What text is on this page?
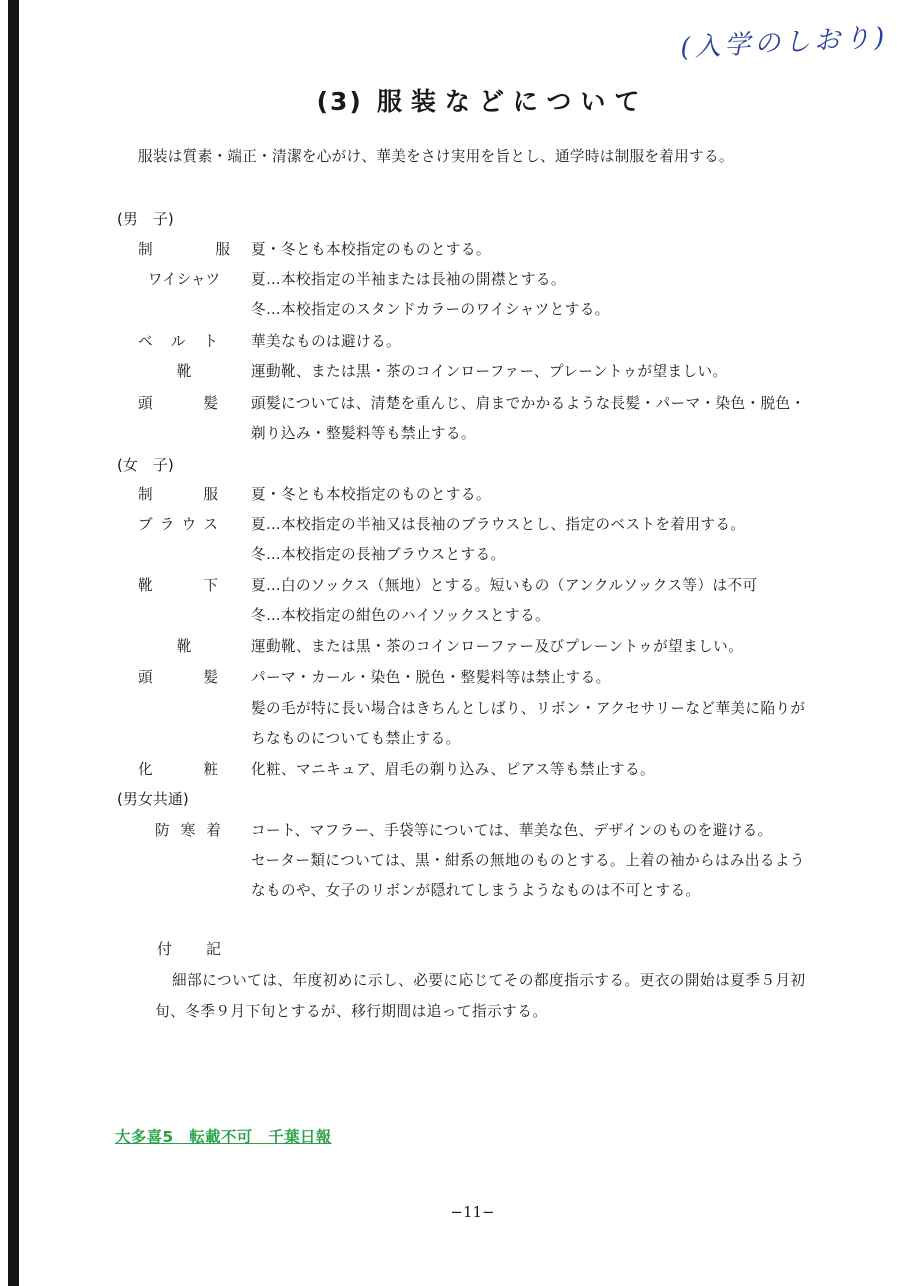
(入学のしおり)
(3) 服装などについて
服装は質素・端正・清潔を心がけ、華美をさけ実用を旨とし、通学時は制服を着用する。
(男　子)
制	服 夏・冬とも本校指定のものとする。
ワイシャツ 夏…本校指定の半袖または長袖の開襟とする。
冬…本校指定のスタンドカラーのワイシャツとする。
ベ ル ト 華美なものは避ける。
靴	運動靴、または黒・茶のコインローファー、プレーントゥが望ましい。
頭	髪 頭髪については、清楚を重んじ、肩までかかるような長髪・パーマ・染色・脱色・
剃り込み・整髪料等も禁止する。
(女　子)
制	服 夏・冬とも本校指定のものとする。
ブ ラ ウ ス 夏…本校指定の半袖又は長袖のブラウスとし、指定のベストを着用する。
冬…本校指定の長袖ブラウスとする。
靴	下 夏…白のソックス（無地）とする。短いもの（アンクルソックス等）は不可
冬…本校指定の紺色のハイソックスとする。
靴	運動靴、または黒・茶のコインローファー及びプレーントゥが望ましい。
頭	髪 パーマ・カール・染色・脱色・整髪料等は禁止する。
髪の毛が特に長い場合はきちんとしばり、リボン・アクセサリーなど華美に陥りが
ちなものについても禁止する。
化	粧 化粧、マニキュア、眉毛の剃り込み、ピアス等も禁止する。
(男女共通)
防 寒 着 コート、マフラー、手袋等については、華美な色、デザインのものを避ける。
セーター類については、黒・紺系の無地のものとする。上着の袖からはみ出るよう
なものや、女子のリボンが隠れてしまうようなものは不可とする。
付 記
細部については、年度初めに示し、必要に応じてその都度指示する。更衣の開始は夏季５月初
旬、冬季９月下旬とするが、移行期間は追って指示する。
大多喜5　転載不可　千葉日報
−11−
